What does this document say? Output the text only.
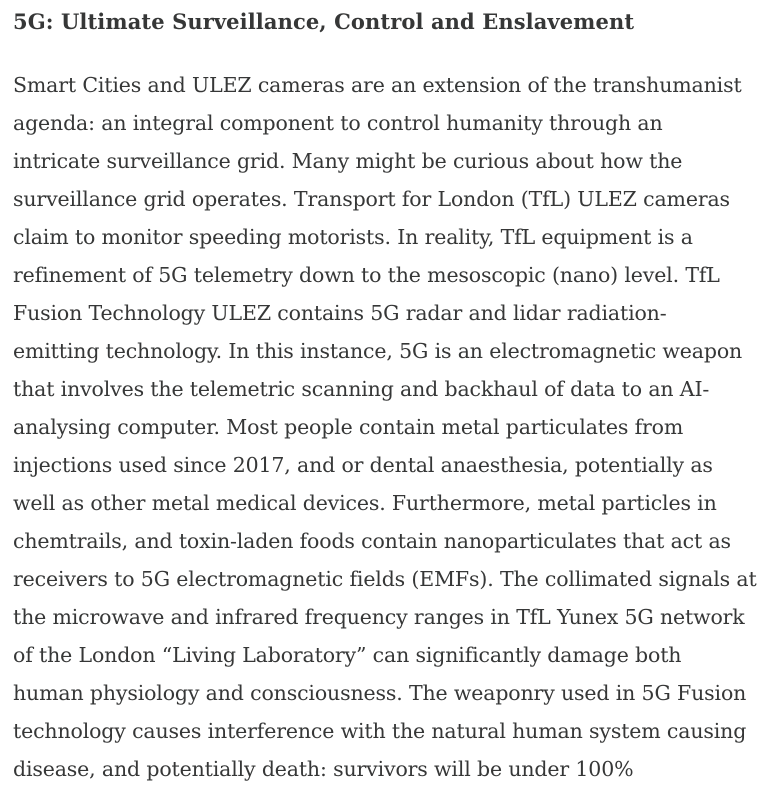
5G: Ultimate Surveillance, Control and Enslavement
Smart Cities and ULEZ cameras are an extension of the transhumanist
agenda: an integral component to control humanity through an
intricate surveillance grid. Many might be curious about how the
surveillance grid operates. Transport for London (TfL) ULEZ cameras
claim to monitor speeding motorists. In reality, TfL equipment is a
refinement of 5G telemetry down to the mesoscopic (nano) level. TfL
Fusion Technology ULEZ contains 5G radar and lidar radiation-
emitting technology. In this instance, 5G is an electromagnetic weapon
that involves the telemetric scanning and backhaul of data to an AI-
analysing computer. Most people contain metal particulates from
injections used since 2017, and or dental anaesthesia, potentially as
well as other metal medical devices. Furthermore, metal particles in
chemtrails, and toxin-laden foods contain nanoparticulates that act as
receivers to 5G electromagnetic fields (EMFs). The collimated signals at
the microwave and infrared frequency ranges in TfL Yunex 5G network
of the London “Living Laboratory” can significantly damage both
human physiology and consciousness. The weaponry used in 5G Fusion
technology causes interference with the natural human system causing
disease, and potentially death: survivors will be under 100%
